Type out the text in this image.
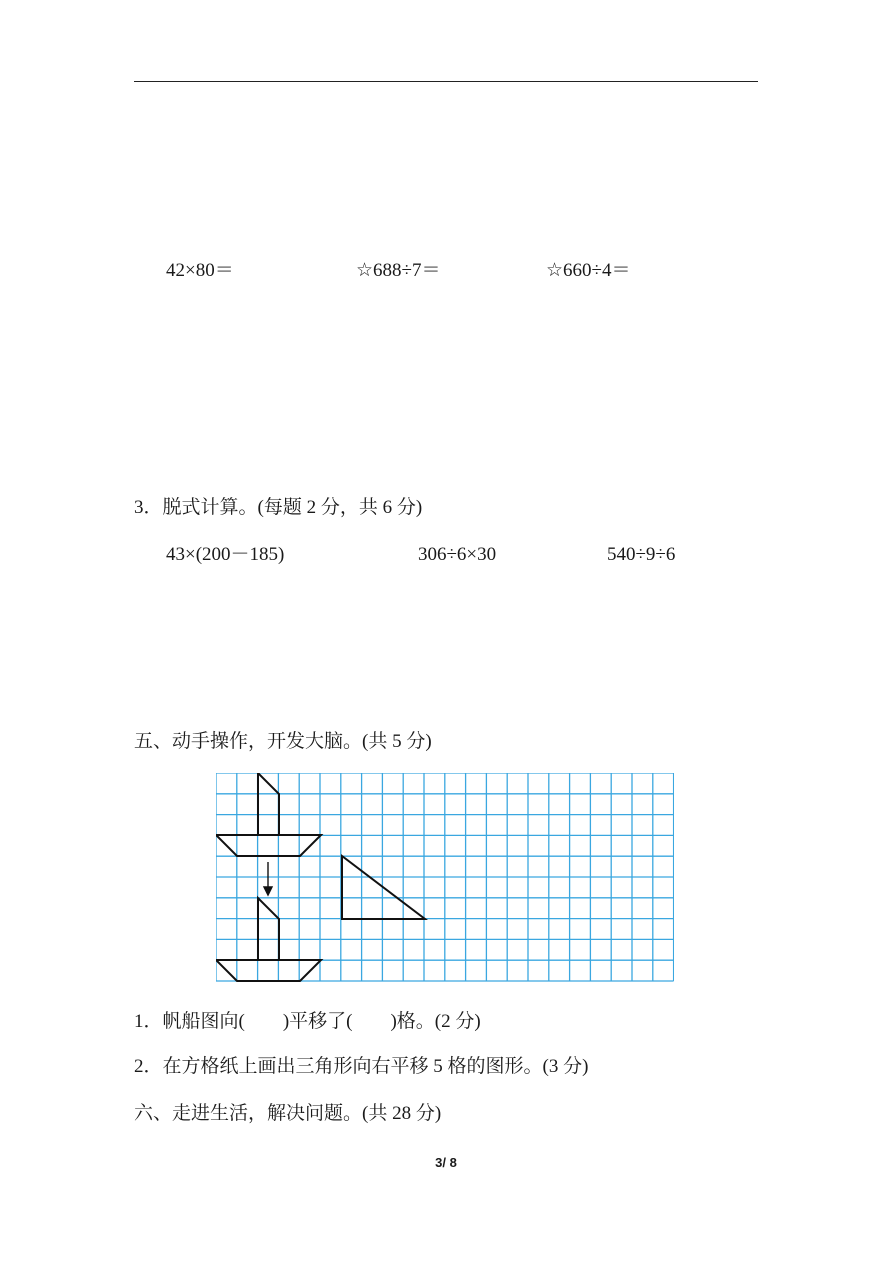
42×80＝	☆688÷7＝	☆660÷4＝
3．脱式计算。(每题 2 分，共 6 分)
43×(200－185)	306÷6×30	540÷9÷6
五、动手操作，开发大脑。(共 5 分)
1．帆船图向(　　)平移了(　　)格。(2 分)
2．在方格纸上画出三角形向右平移 5 格的图形。(3 分)
六、走进生活，解决问题。(共 28 分)
3/ 8
